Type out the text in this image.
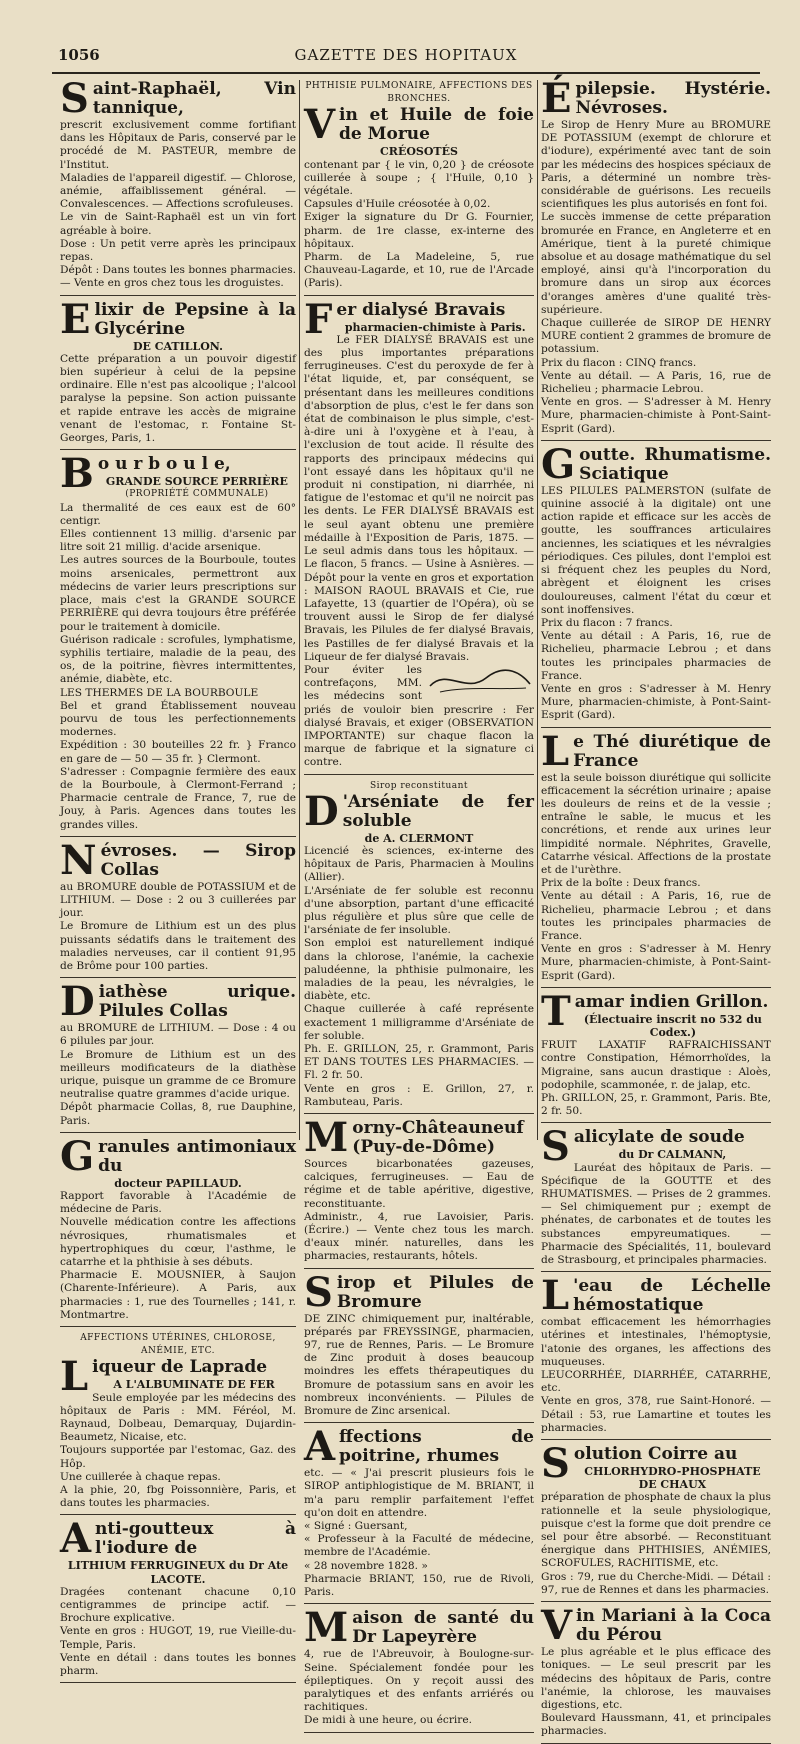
1056	GAZETTE DES HOPITAUX
Saint-Raphaël, Vin tannique,

prescrit exclusivement comme fortifiant dans les Hôpitaux de Paris, conservé par le procédé de M. PASTEUR, membre de l'Institut.

Maladies de l'appareil digestif. — Chlorose, anémie, affaiblissement général. — Convalescences. — Affections scrofuleuses.

Le vin de Saint-Raphaël est un vin fort agréable à boire.

Dose : Un petit verre après les principaux repas.

Dépôt : Dans toutes les bonnes pharmacies. — Vente en gros chez tous les droguistes.

Elixir de Pepsine à la Glycérine

DE CATILLON.

Cette préparation a un pouvoir digestif bien supérieur à celui de la pepsine ordinaire. Elle n'est pas alcoolique ; l'alcool paralyse la pepsine. Son action puissante et rapide entrave les accès de migraine venant de l'estomac, r. Fontaine St-Georges, Paris, 1.

Bo u r b o u l e,

GRANDE SOURCE PERRIÈRE

(PROPRIÉTÉ COMMUNALE)

La thermalité de ces eaux est de 60° centigr.

Elles contiennent 13 millig. d'arsenic par litre soit 21 millig. d'acide arsenique.

Les autres sources de la Bourboule, toutes moins arsenicales, permettront aux médecins de varier leurs prescriptions sur place, mais c'est la GRANDE SOURCE PERRIÈRE qui devra toujours être préférée pour le traitement à domicile.

Guérison radicale : scrofules, lymphatisme, syphilis tertiaire, maladie de la peau, des os, de la poitrine, fièvres intermittentes, anémie, diabète, etc.

LES THERMES DE LA BOURBOULE

Bel et grand Établissement nouveau pourvu de tous les perfectionnements modernes.

Expédition : 30 bouteilles 22 fr. } Franco en gare de — 50 — 35 fr. } Clermont.

S'adresser : Compagnie fermière des eaux de la Bourboule, à Clermont-Ferrand ; Pharmacie centrale de France, 7, rue de Jouy, à Paris. Agences dans toutes les grandes villes.

Névroses. — Sirop Collas

au BROMURE double de POTASSIUM et de LITHIUM. — Dose : 2 ou 3 cuillerées par jour.

Le Bromure de Lithium est un des plus puissants sédatifs dans le traitement des maladies nerveuses, car il contient 91,95 de Brôme pour 100 parties.

Diathèse urique. Pilules Collas

au BROMURE de LITHIUM. — Dose : 4 ou 6 pilules par jour.

Le Bromure de Lithium est un des meilleurs modificateurs de la diathèse urique, puisque un gramme de ce Bromure neutralise quatre grammes d'acide urique.

Dépôt pharmacie Collas, 8, rue Dauphine, Paris.

Granules antimoniaux du

docteur PAPILLAUD.

Rapport favorable à l'Académie de médecine de Paris.

Nouvelle médication contre les affections névrosiques, rhumatismales et hypertrophiques du cœur, l'asthme, le catarrhe et la phthisie à ses débuts.

Pharmacie E. MOUSNIER, à Saujon (Charente-Inférieure). A Paris, aux pharmacies : 1, rue des Tournelles ; 141, r. Montmartre.

AFFECTIONS UTÉRINES, CHLOROSE, ANÉMIE, ETC.

Liqueur de Laprade

A L'ALBUMINATE DE FER

Seule employée par les médecins des hôpitaux de Paris : MM. Féréol, M. Raynaud, Dolbeau, Demarquay, Dujardin-Beaumetz, Nicaise, etc.

Toujours supportée par l'estomac, Gaz. des Hôp.

Une cuillerée à chaque repas.

A la phie, 20, fbg Poissonnière, Paris, et dans toutes les pharmacies.

Anti-goutteux à l'iodure de

LITHIUM FERRUGINEUX du Dr Ate LACOTE.

Dragées contenant chacune 0,10 centigrammes de principe actif. — Brochure explicative.

Vente en gros : HUGOT, 19, rue Vieille-du-Temple, Paris.

Vente en détail : dans toutes les bonnes pharm.

PHTHISIE PULMONAIRE, AFFECTIONS DES BRONCHES.

Vin et Huile de foie de Morue

CRÉOSOTÉS

contenant par { le vin, 0,20 } de créosote cuillerée à soupe ; { l'Huile, 0,10 } végétale.

Capsules d'Huile créosotée à 0,02.

Exiger la signature du Dr G. Fournier, pharm. de 1re classe, ex-interne des hôpitaux.

Pharm. de La Madeleine, 5, rue Chauveau-Lagarde, et 10, rue de l'Arcade (Paris).

Fer dialysé Bravais

pharmacien-chimiste à Paris.

Le FER DIALYSÉ BRAVAIS est une des plus importantes préparations ferrugineuses. C'est du peroxyde de fer à l'état liquide, et, par conséquent, se présentant dans les meilleures conditions d'absorption de plus, c'est le fer dans son état de combinaison le plus simple, c'est-à-dire uni à l'oxygène et à l'eau, à l'exclusion de tout acide. Il résulte des rapports des principaux médecins qui l'ont essayé dans les hôpitaux qu'il ne produit ni constipation, ni diarrhée, ni fatigue de l'estomac et qu'il ne noircit pas les dents. Le FER DIALYSÉ BRAVAIS est le seul ayant obtenu une première médaille à l'Exposition de Paris, 1875. — Le seul admis dans tous les hôpitaux. — Le flacon, 5 francs. — Usine à Asnières. — Dépôt pour la vente en gros et exportation : MAISON RAOUL BRAVAIS et Cie, rue Lafayette, 13 (quartier de l'Opéra), où se trouvent aussi le Sirop de fer dialysé Bravais, les Pilules de fer dialysé Bravais, les Pastilles de fer dialysé Bravais et la Liqueur de fer dialysé Bravais.

Pour éviter les contrefaçons, MM. les médecins sont priés de vouloir bien prescrire : Fer dialysé Bravais, et exiger (OBSERVATION IMPORTANTE) sur chaque flacon la marque de fabrique et la signature ci contre.

Sirop reconstituant

D 'Arséniate de fer soluble

de A. CLERMONT

Licencié ès sciences, ex-interne des hôpitaux de Paris, Pharmacien à Moulins (Allier).

L'Arséniate de fer soluble est reconnu d'une absorption, partant d'une efficacité plus régulière et plus sûre que celle de l'arséniate de fer insoluble.

Son emploi est naturellement indiqué dans la chlorose, l'anémie, la cachexie paludéenne, la phthisie pulmonaire, les maladies de la peau, les névralgies, le diabète, etc.

Chaque cuillerée à café représente exactement 1 milligramme d'Arséniate de fer soluble.

Ph. E. GRILLON, 25, r. Grammont, Paris ET DANS TOUTES LES PHARMACIES. — Fl. 2 fr. 50.

Vente en gros : E. Grillon, 27, r. Rambuteau, Paris.

Morny-Châteauneuf (Puy-de-Dôme)

Sources bicarbonatées gazeuses, calciques, ferrugineuses. — Eau de régime et de table apéritive, digestive, reconstituante.

Administr., 4, rue Lavoisier, Paris. (Écrire.) — Vente chez tous les march. d'eaux minér. naturelles, dans les pharmacies, restaurants, hôtels.

Sirop et Pilules de Bromure

DE ZINC chimiquement pur, inaltérable, préparés par FREYSSINGE, pharmacien, 97, rue de Rennes, Paris. — Le Bromure de Zinc produit à doses beaucoup moindres les effets thérapeutiques du Bromure de potassium sans en avoir les nombreux inconvénients. — Pilules de Bromure de Zinc arsenical.

Affections de poitrine, rhumes

etc. — « J'ai prescrit plusieurs fois le SIROP antiphlogistique de M. BRIANT, il m'a paru remplir parfaitement l'effet qu'on doit en attendre.

« Signé : Guersant,

« Professeur à la Faculté de médecine, membre de l'Académie.

« 28 novembre 1828. »

Pharmacie BRIANT, 150, rue de Rivoli, Paris.

Maison de santé du Dr Lapeyrère

4, rue de l'Abreuvoir, à Boulogne-sur-Seine. Spécialement fondée pour les épileptiques. On y reçoit aussi des paralytiques et des enfants arriérés ou rachitiques.

De midi à une heure, ou écrire.

Épilepsie. Hystérie. Névroses.

Le Sirop de Henry Mure au BROMURE DE POTASSIUM (exempt de chlorure et d'iodure), expérimenté avec tant de soin par les médecins des hospices spéciaux de Paris, a déterminé un nombre très-considérable de guérisons. Les recueils scientifiques les plus autorisés en font foi.

Le succès immense de cette préparation bromurée en France, en Angleterre et en Amérique, tient à la pureté chimique absolue et au dosage mathématique du sel employé, ainsi qu'à l'incorporation du bromure dans un sirop aux écorces d'oranges amères d'une qualité très-supérieure.

Chaque cuillerée de SIROP DE HENRY MURE contient 2 grammes de bromure de potassium.

Prix du flacon : CINQ francs.

Vente au détail. — A Paris, 16, rue de Richelieu ; pharmacie Lebrou.

Vente en gros. — S'adresser à M. Henry Mure, pharmacien-chimiste à Pont-Saint-Esprit (Gard).

Goutte. Rhumatisme. Sciatique

LES PILULES PALMERSTON (sulfate de quinine associé à la digitale) ont une action rapide et efficace sur les accès de goutte, les souffrances articulaires anciennes, les sciatiques et les névralgies périodiques. Ces pilules, dont l'emploi est si fréquent chez les peuples du Nord, abrègent et éloignent les crises douloureuses, calment l'état du cœur et sont inoffensives.

Prix du flacon : 7 francs.

Vente au détail : A Paris, 16, rue de Richelieu, pharmacie Lebrou ; et dans toutes les principales pharmacies de France.

Vente en gros : S'adresser à M. Henry Mure, pharmacien-chimiste, à Pont-Saint-Esprit (Gard).

Le Thé diurétique de France

est la seule boisson diurétique qui sollicite efficacement la sécrétion urinaire ; apaise les douleurs de reins et de la vessie ; entraîne le sable, le mucus et les concrétions, et rende aux urines leur limpidité normale. Néphrites, Gravelle, Catarrhe vésical. Affections de la prostate et de l'urèthre.

Prix de la boîte : Deux francs.

Vente au détail : A Paris, 16, rue de Richelieu, pharmacie Lebrou ; et dans toutes les principales pharmacies de France.

Vente en gros : S'adresser à M. Henry Mure, pharmacien-chimiste, à Pont-Saint-Esprit (Gard).

Tamar indien Grillon.

(Électuaire inscrit no 532 du Codex.)

FRUIT LAXATIF RAFRAICHISSANT contre Constipation, Hémorrhoïdes, la Migraine, sans aucun drastique : Aloès, podophile, scammonée, r. de jalap, etc.

Ph. GRILLON, 25, r. Grammont, Paris. Bte, 2 fr. 50.

Salicylate de soude

du Dr CALMANN,

Lauréat des hôpitaux de Paris. — Spécifique de la GOUTTE et des RHUMATISMES. — Prises de 2 grammes. — Sel chimiquement pur ; exempt de phénates, de carbonates et de toutes les substances empyreumatiques. — Pharmacie des Spécialités, 11, boulevard de Strasbourg, et principales pharmacies.

L 'eau de Léchelle hémostatique

combat efficacement les hémorrhagies utérines et intestinales, l'hémoptysie, l'atonie des organes, les affections des muqueuses.

LEUCORRHÉE, DIARRHÉE, CATARRHE, etc.

Vente en gros, 378, rue Saint-Honoré. — Détail : 53, rue Lamartine et toutes les pharmacies.

Solution Coirre au

CHLORHYDRO-PHOSPHATE DE CHAUX

préparation de phosphate de chaux la plus rationnelle et la seule physiologique, puisque c'est la forme que doit prendre ce sel pour être absorbé. — Reconstituant énergique dans PHTHISIES, ANÉMIES, SCROFULES, RACHITISME, etc.

Gros : 79, rue du Cherche-Midi. — Détail : 97, rue de Rennes et dans les pharmacies.

Vin Mariani à la Coca du Pérou

Le plus agréable et le plus efficace des toniques. — Le seul prescrit par les médecins des hôpitaux de Paris, contre l'anémie, la chlorose, les mauvaises digestions, etc.

Boulevard Haussmann, 41, et principales pharmacies.
